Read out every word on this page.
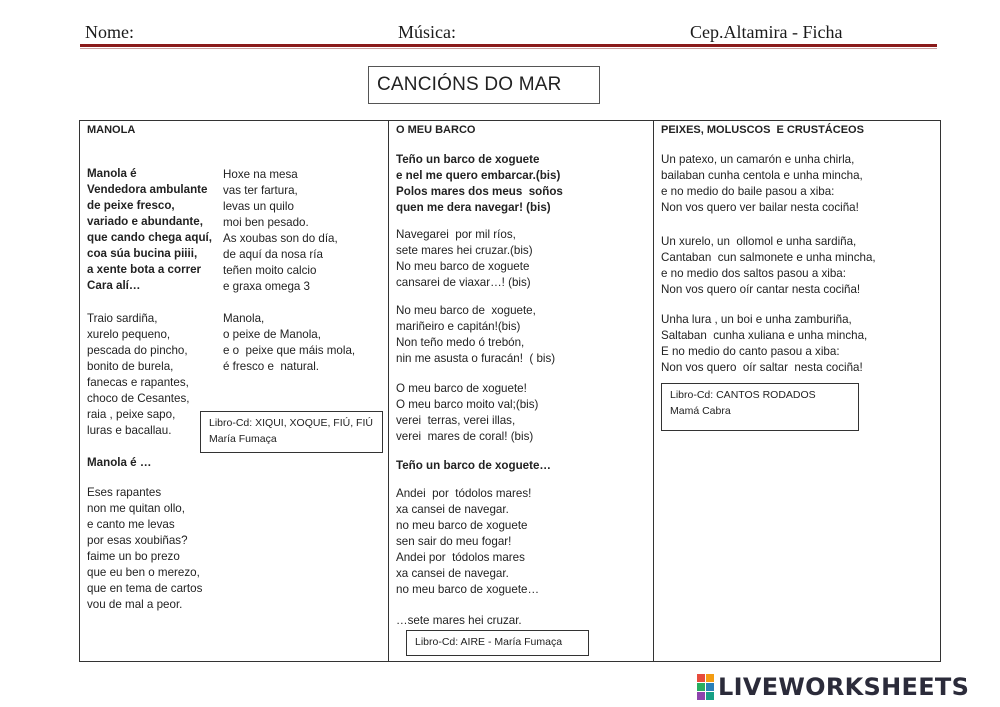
Nome:	Música:	Cep.Altamira - Ficha
CANCIÓNS DO MAR
MANOLA
Manola é
Vendedora ambulante
de peixe fresco,
variado e abundante,
que cando chega aquí,
coa súa bucina piiii,
a xente bota a correr
Cara alí…
Hoxe na mesa
vas ter fartura,
levas un quilo
moi ben pesado.
As xoubas son do día,
de aquí da nosa ría
teñen moito calcio
e graxa omega 3
Traio sardiña,
xurelo pequeno,
pescada do pincho,
bonito de burela,
fanecas e rapantes,
choco de Cesantes,
raia , peixe sapo,
luras e bacallau.
Manola,
o peixe de Manola,
e o  peixe que máis mola,
é fresco e  natural.
Manola é …
Eses rapantes
non me quitan ollo,
e canto me levas
por esas xoubiñas?
faime un bo prezo
que eu ben o merezo,
que en tema de cartos
vou de mal a peor.
Libro-Cd: XIQUI, XOQUE, FIÚ, FIÚ
María Fumaça
O MEU BARCO
Teño un barco de xoguete
e nel me quero embarcar.(bis)
Polos mares dos meus  soños
quen me dera navegar! (bis)
Navegarei  por mil ríos,
sete mares hei cruzar.(bis)
No meu barco de xoguete
cansarei de viaxar…! (bis)
No meu barco de  xoguete,
mariñeiro e capitán!(bis)
Non teño medo ó trebón,
nin me asusta o furacán!  ( bis)
O meu barco de xoguete!
O meu barco moito val;(bis)
verei  terras, verei illas,
verei  mares de coral! (bis)
Teño un barco de xoguete…
Andei  por  tódolos mares!
xa cansei de navegar.
no meu barco de xoguete
sen sair do meu fogar!
Andei por  tódolos mares
xa cansei de navegar.
no meu barco de xoguete…
…sete mares hei cruzar.
Libro-Cd: AIRE - María Fumaça
PEIXES, MOLUSCOS  E CRUSTÁCEOS
Un patexo, un camarón e unha chirla,
bailaban cunha centola e unha mincha,
e no medio do baile pasou a xiba:
Non vos quero ver bailar nesta cociña!
Un xurelo, un  ollomol e unha sardiña,
Cantaban  cun salmonete e unha mincha,
e no medio dos saltos pasou a xiba:
Non vos quero oír cantar nesta cociña!
Unha lura , un boi e unha zamburiña,
Saltaban  cunha xuliana e unha mincha,
E no medio do canto pasou a xiba:
Non vos quero  oír saltar  nesta cociña!
Libro-Cd: CANTOS RODADOS
Mamá Cabra
LIVEWORKSHEETS
